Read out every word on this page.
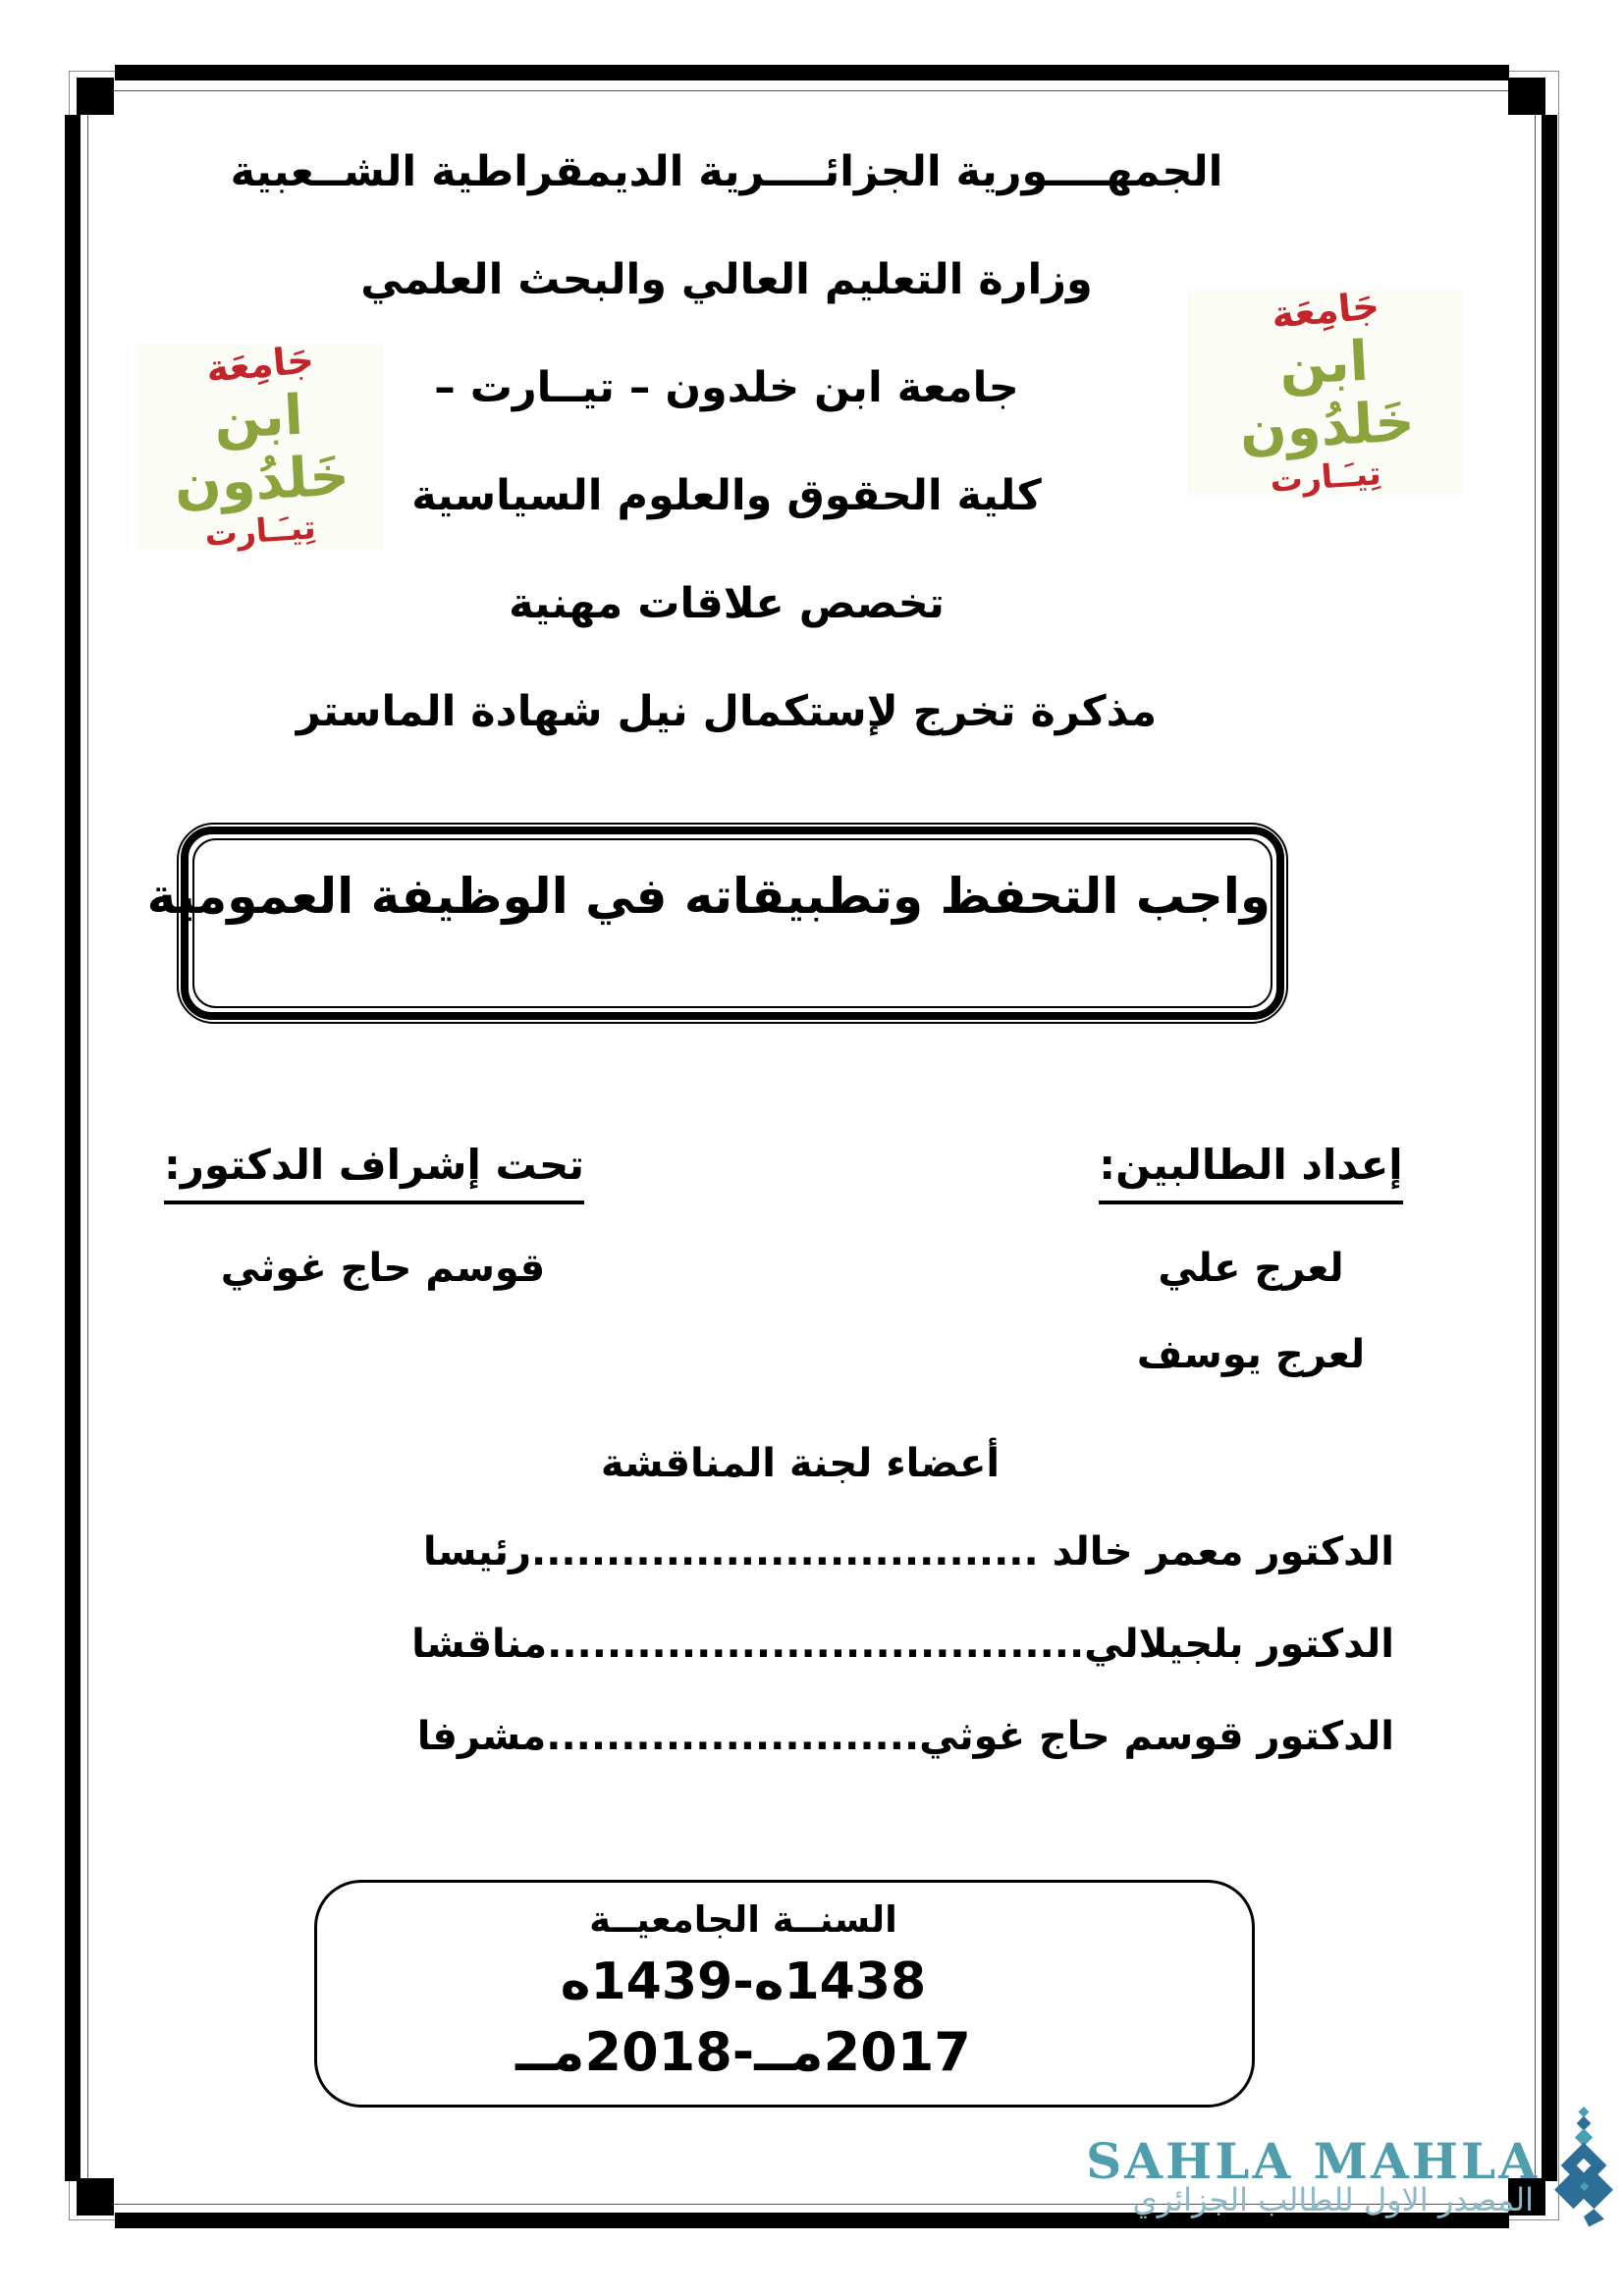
الجمهــــورية الجزائــــرية الديمقراطية الشــعبية
وزارة التعليم العالي والبحث العلمي
جامعة ابن خلدون – تيــارت –
كلية الحقوق والعلوم السياسية
تخصص علاقات مهنية
مذكرة تخرج لإستكمال نيل شهادة الماستر
جَامِعَة
ابن خَلدُون
تِيـَـارت
جَامِعَة
ابن خَلدُون
تِيـَـارت
واجب التحفظ وتطبيقاته في الوظيفة العمومية
إعداد الطالبين:
لعرج علي
لعرج يوسف
تحت إشراف الدكتور:
قوسم حاج غوثي
أعضاء لجنة المناقشة
الدكتور معمر خالد ..................................رئيسا
الدكتور بلجيلالي....................................مناقشا
الدكتور قوسم حاج غوثي.........................مشرفا
السنــة الجامعيــة
1438ه-1439ه
2017مــ-2018مــ
SAHLA MAHLA
المصدر الاول للطالب الجزائري
